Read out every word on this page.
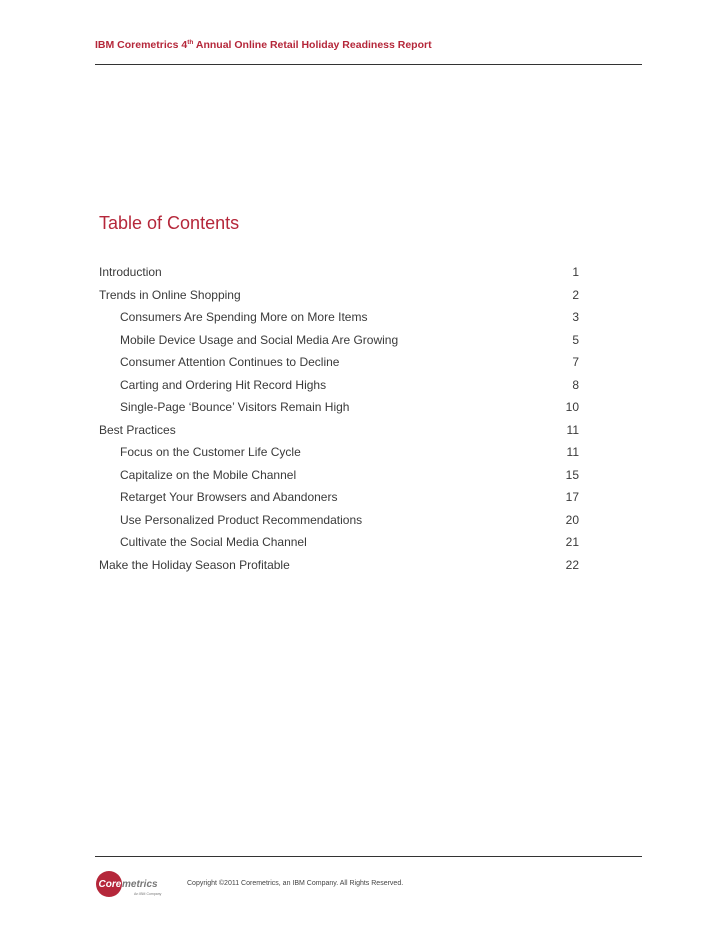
IBM Coremetrics 4th Annual Online Retail Holiday Readiness Report
Table of Contents
Introduction	1
Trends in Online Shopping	2
Consumers Are Spending More on More Items	3
Mobile Device Usage and Social Media Are Growing	5
Consumer Attention Continues to Decline	7
Carting and Ordering Hit Record Highs	8
Single-Page ‘Bounce’ Visitors Remain High	10
Best Practices	11
Focus on the Customer Life Cycle	11
Capitalize on the Mobile Channel	15
Retarget Your Browsers and Abandoners	17
Use Personalized Product Recommendations	20
Cultivate the Social Media Channel	21
Make the Holiday Season Profitable	22
Core metrics
An IBM Company
Copyright ©2011 Coremetrics, an IBM Company. All Rights Reserved.
